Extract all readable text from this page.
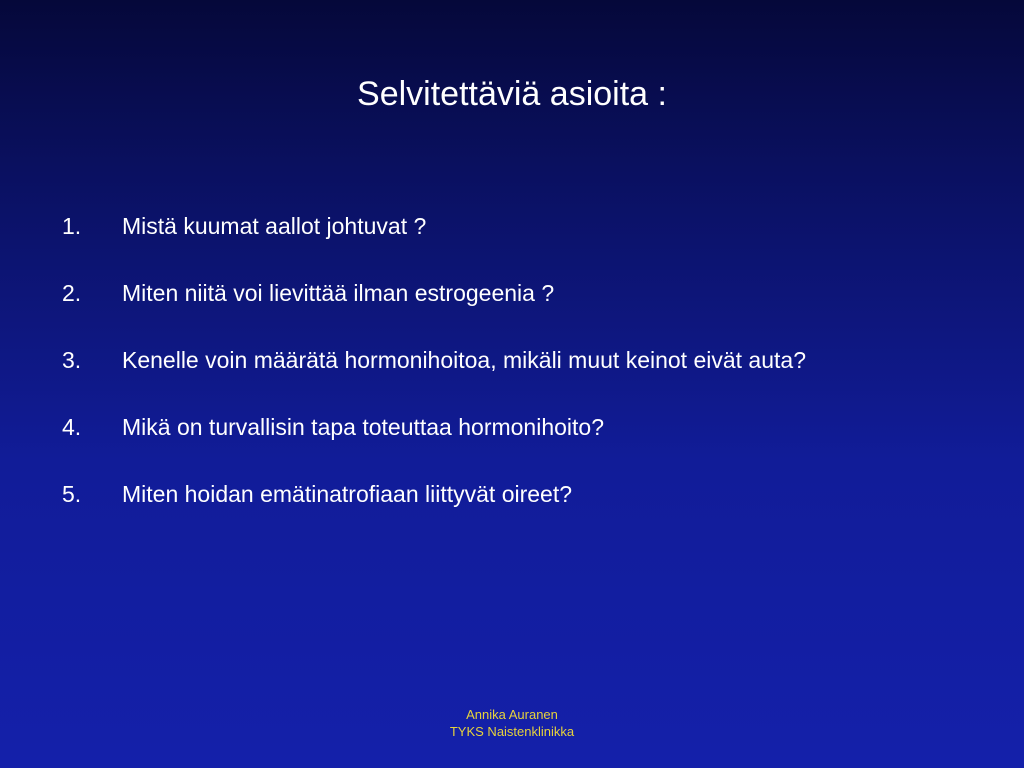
Selvitettäviä asioita :
1.	Mistä kuumat aallot johtuvat ?
2.	Miten niitä voi lievittää ilman estrogeenia ?
3.	Kenelle voin määrätä hormonihoitoa, mikäli muut keinot eivät auta?
4.	Mikä on turvallisin tapa toteuttaa hormonihoito?
5.	Miten hoidan emätinatrofiaan liittyvät oireet?
Annika Auranen
TYKS Naistenklinikka
